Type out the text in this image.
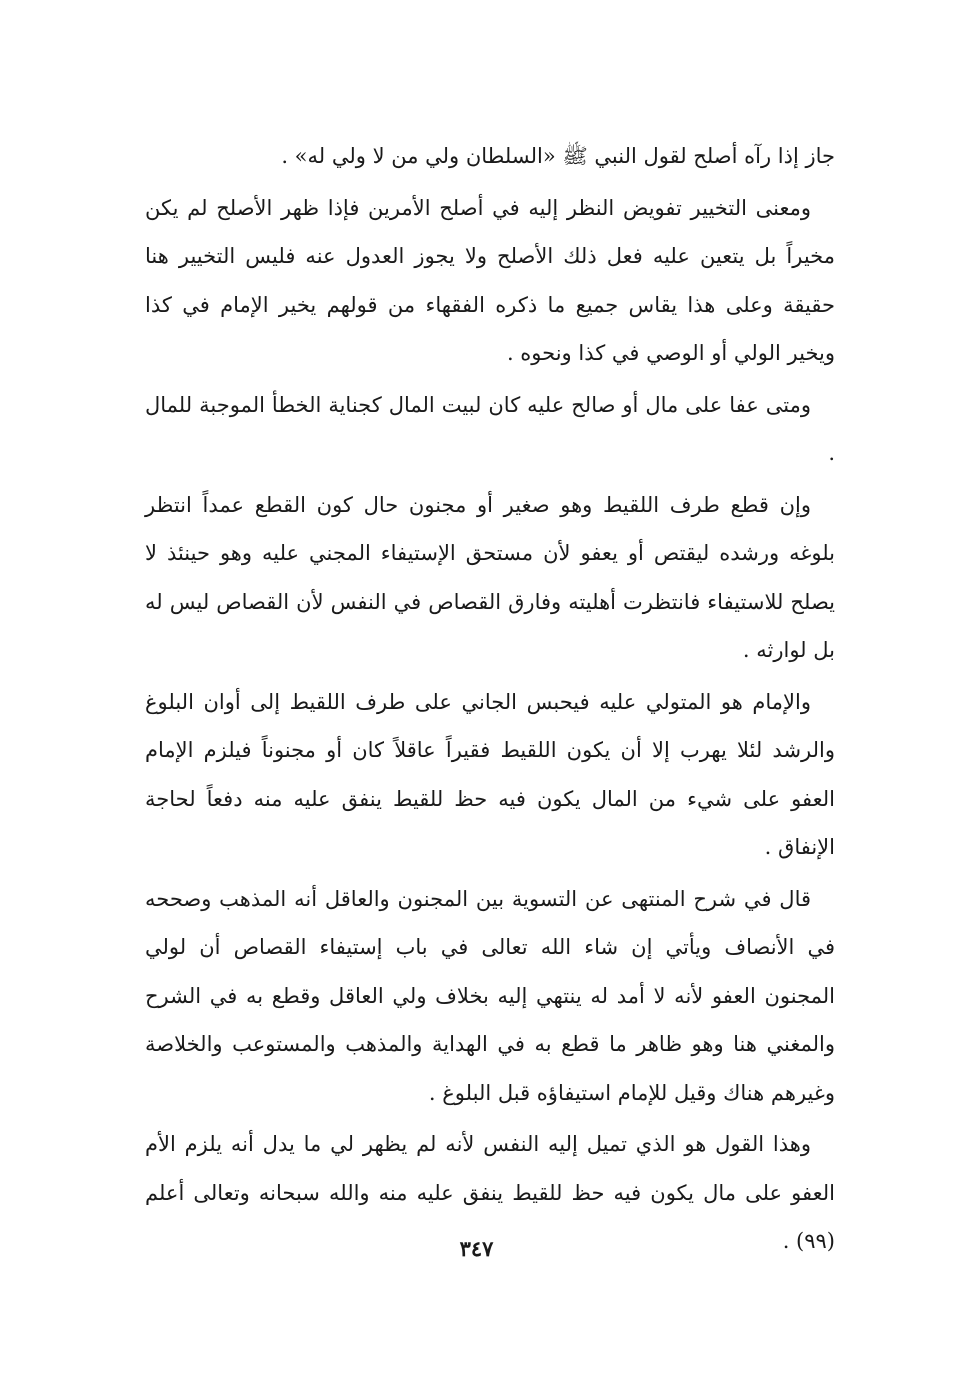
جاز إذا رآه أصلح لقول النبي ﷺ «السلطان ولي من لا ولي له» .

ومعنى التخيير تفويض النظر إليه في أصلح الأمرين فإذا ظهر الأصلح لم يكن مخيراً بل يتعين عليه فعل ذلك الأصلح ولا يجوز العدول عنه فليس التخيير هنا حقيقة وعلى هذا يقاس جميع ما ذكره الفقهاء من قولهم يخير الإمام في كذا ويخير الولي أو الوصي في كذا ونحوه .

ومتى عفا على مال أو صالح عليه كان لبيت المال كجناية الخطأ الموجبة للمال .

وإن قطع طرف اللقيط وهو صغير أو مجنون حال كون القطع عمداً انتظر بلوغه ورشده ليقتص أو يعفو لأن مستحق الإستيفاء المجني عليه وهو حينئذ لا يصلح للاستيفاء فانتظرت أهليته وفارق القصاص في النفس لأن القصاص ليس له بل لوارثه .

والإمام هو المتولي عليه فيحبس الجاني على طرف اللقيط إلى أوان البلوغ والرشد لئلا يهرب إلا أن يكون اللقيط فقيراً عاقلاً كان أو مجنوناً فيلزم الإمام العفو على شيء من المال يكون فيه حظ للقيط ينفق عليه منه دفعاً لحاجة الإنفاق .

قال في شرح المنتهى عن التسوية بين المجنون والعاقل أنه المذهب وصححه في الأنصاف ويأتي إن شاء الله تعالى في باب إستيفاء القصاص أن لولي المجنون العفو لأنه لا أمد له ينتهي إليه بخلاف ولي العاقل وقطع به في الشرح والمغني هنا وهو ظاهر ما قطع به في الهداية والمذهب والمستوعب والخلاصة وغيرهم هناك وقيل للإمام استيفاؤه قبل البلوغ .

وهذا القول هو الذي تميل إليه النفس لأنه لم يظهر لي ما يدل أنه يلزم الأم العفو على مال يكون فيه حظ للقيط ينفق عليه منه والله سبحانه وتعالى أعلم (٩٩) .

٣٤٧
